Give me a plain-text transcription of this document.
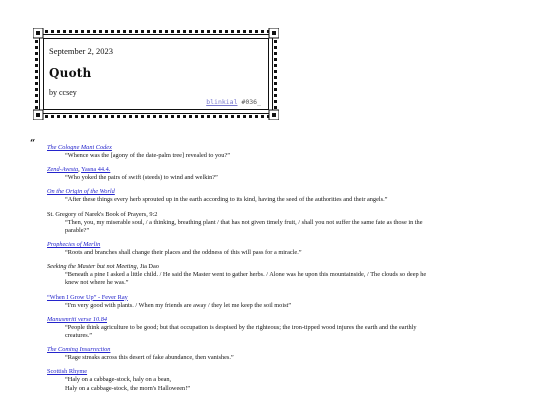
September 2, 2023
Quoth
by ccsey
blinkial #036_
“ The Cologne Mani Codex
“Whence was the [agony of the date-palm tree] revealed to you?”
Zend-Avesta, Yasna 44.4.
“Who yoked the pairs of swift (steeds) to wind and welkin?”
On the Origin of the World
“After these things every herb sprouted up in the earth according to its kind, having the seed of the authorities and their angels.”
St. Gregory of Narek's Book of Prayers, 9:2
“Then, you, my miserable soul, / a thinking, breathing plant / that has not given timely fruit, / shall you not suffer the same fate as those in the
parable?”
Prophecies of Merlin
“Roots and branches shall change their places and the oddness of this will pass for a miracle.”
Seeking the Master but not Meeting, Jia Dao
“Beneath a pine I asked a little child. / He said the Master went to gather herbs. / Alone was he upon this mountainside, / The clouds so deep he
knew not where he was.”
“When I Grow Up” - Fever Ray
“I'm very good with plants. / When my friends are away / they let me keep the soil moist”
Manusmriti verse 10.84
“People think agriculture to be good; but that occupation is despised by the righteous; the iron-tipped wood injures the earth and the earthly
creatures.”
The Coming Insurrection
“Rage streaks across this desert of fake abundance, then vanishes.”
Scottish Rhyme
“Haly on a cabbage-stock, haly on a bean,
Haly on a cabbage-stock, the morn's Halloween!”
